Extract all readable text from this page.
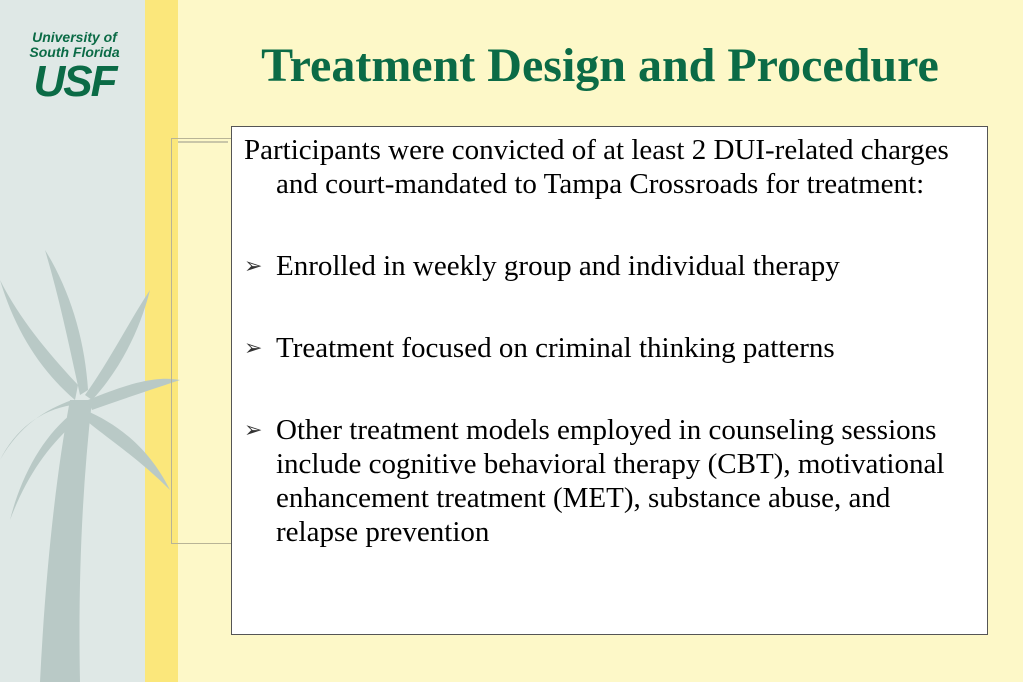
University of
South Florida
USF	Treatment Design and Procedure

Participants were convicted of at least 2 DUI-related charges and court-mandated to Tampa Crossroads for treatment:

➢ Enrolled in weekly group and individual therapy
➢ Treatment focused on criminal thinking patterns
➢ Other treatment models employed in counseling sessions include cognitive behavioral therapy (CBT), motivational enhancement treatment (MET), substance abuse, and relapse prevention
